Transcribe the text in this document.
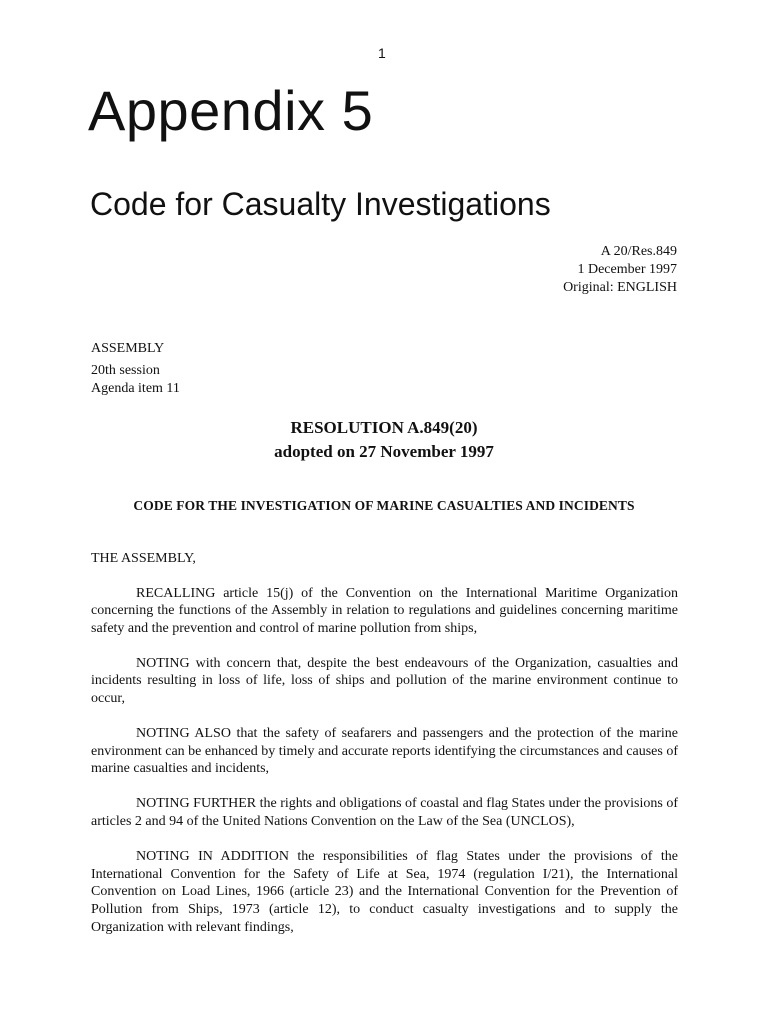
1
Appendix 5
Code for Casualty Investigations
A 20/Res.849
1 December 1997
Original: ENGLISH
ASSEMBLY
20th session
Agenda item 11
RESOLUTION A.849(20)
adopted on 27 November 1997
CODE FOR THE INVESTIGATION OF MARINE CASUALTIES AND INCIDENTS

THE ASSEMBLY,

RECALLING article 15(j) of the Convention on the International Maritime Organization concerning the functions of the Assembly in relation to regulations and guidelines concerning maritime safety and the prevention and control of marine pollution from ships,

NOTING with concern that, despite the best endeavours of the Organization, casualties and incidents resulting in loss of life, loss of ships and pollution of the marine environment continue to occur,

NOTING ALSO that the safety of seafarers and passengers and the protection of the marine environment can be enhanced by timely and accurate reports identifying the circumstances and causes of marine casualties and incidents,

NOTING FURTHER the rights and obligations of coastal and flag States under the provisions of articles 2 and 94 of the United Nations Convention on the Law of the Sea (UNCLOS),

NOTING IN ADDITION the responsibilities of flag States under the provisions of the International Convention for the Safety of Life at Sea, 1974 (regulation I/21), the International Convention on Load Lines, 1966 (article 23) and the International Convention for the Prevention of Pollution from Ships, 1973 (article 12), to conduct casualty investigations and to supply the Organization with relevant findings,
